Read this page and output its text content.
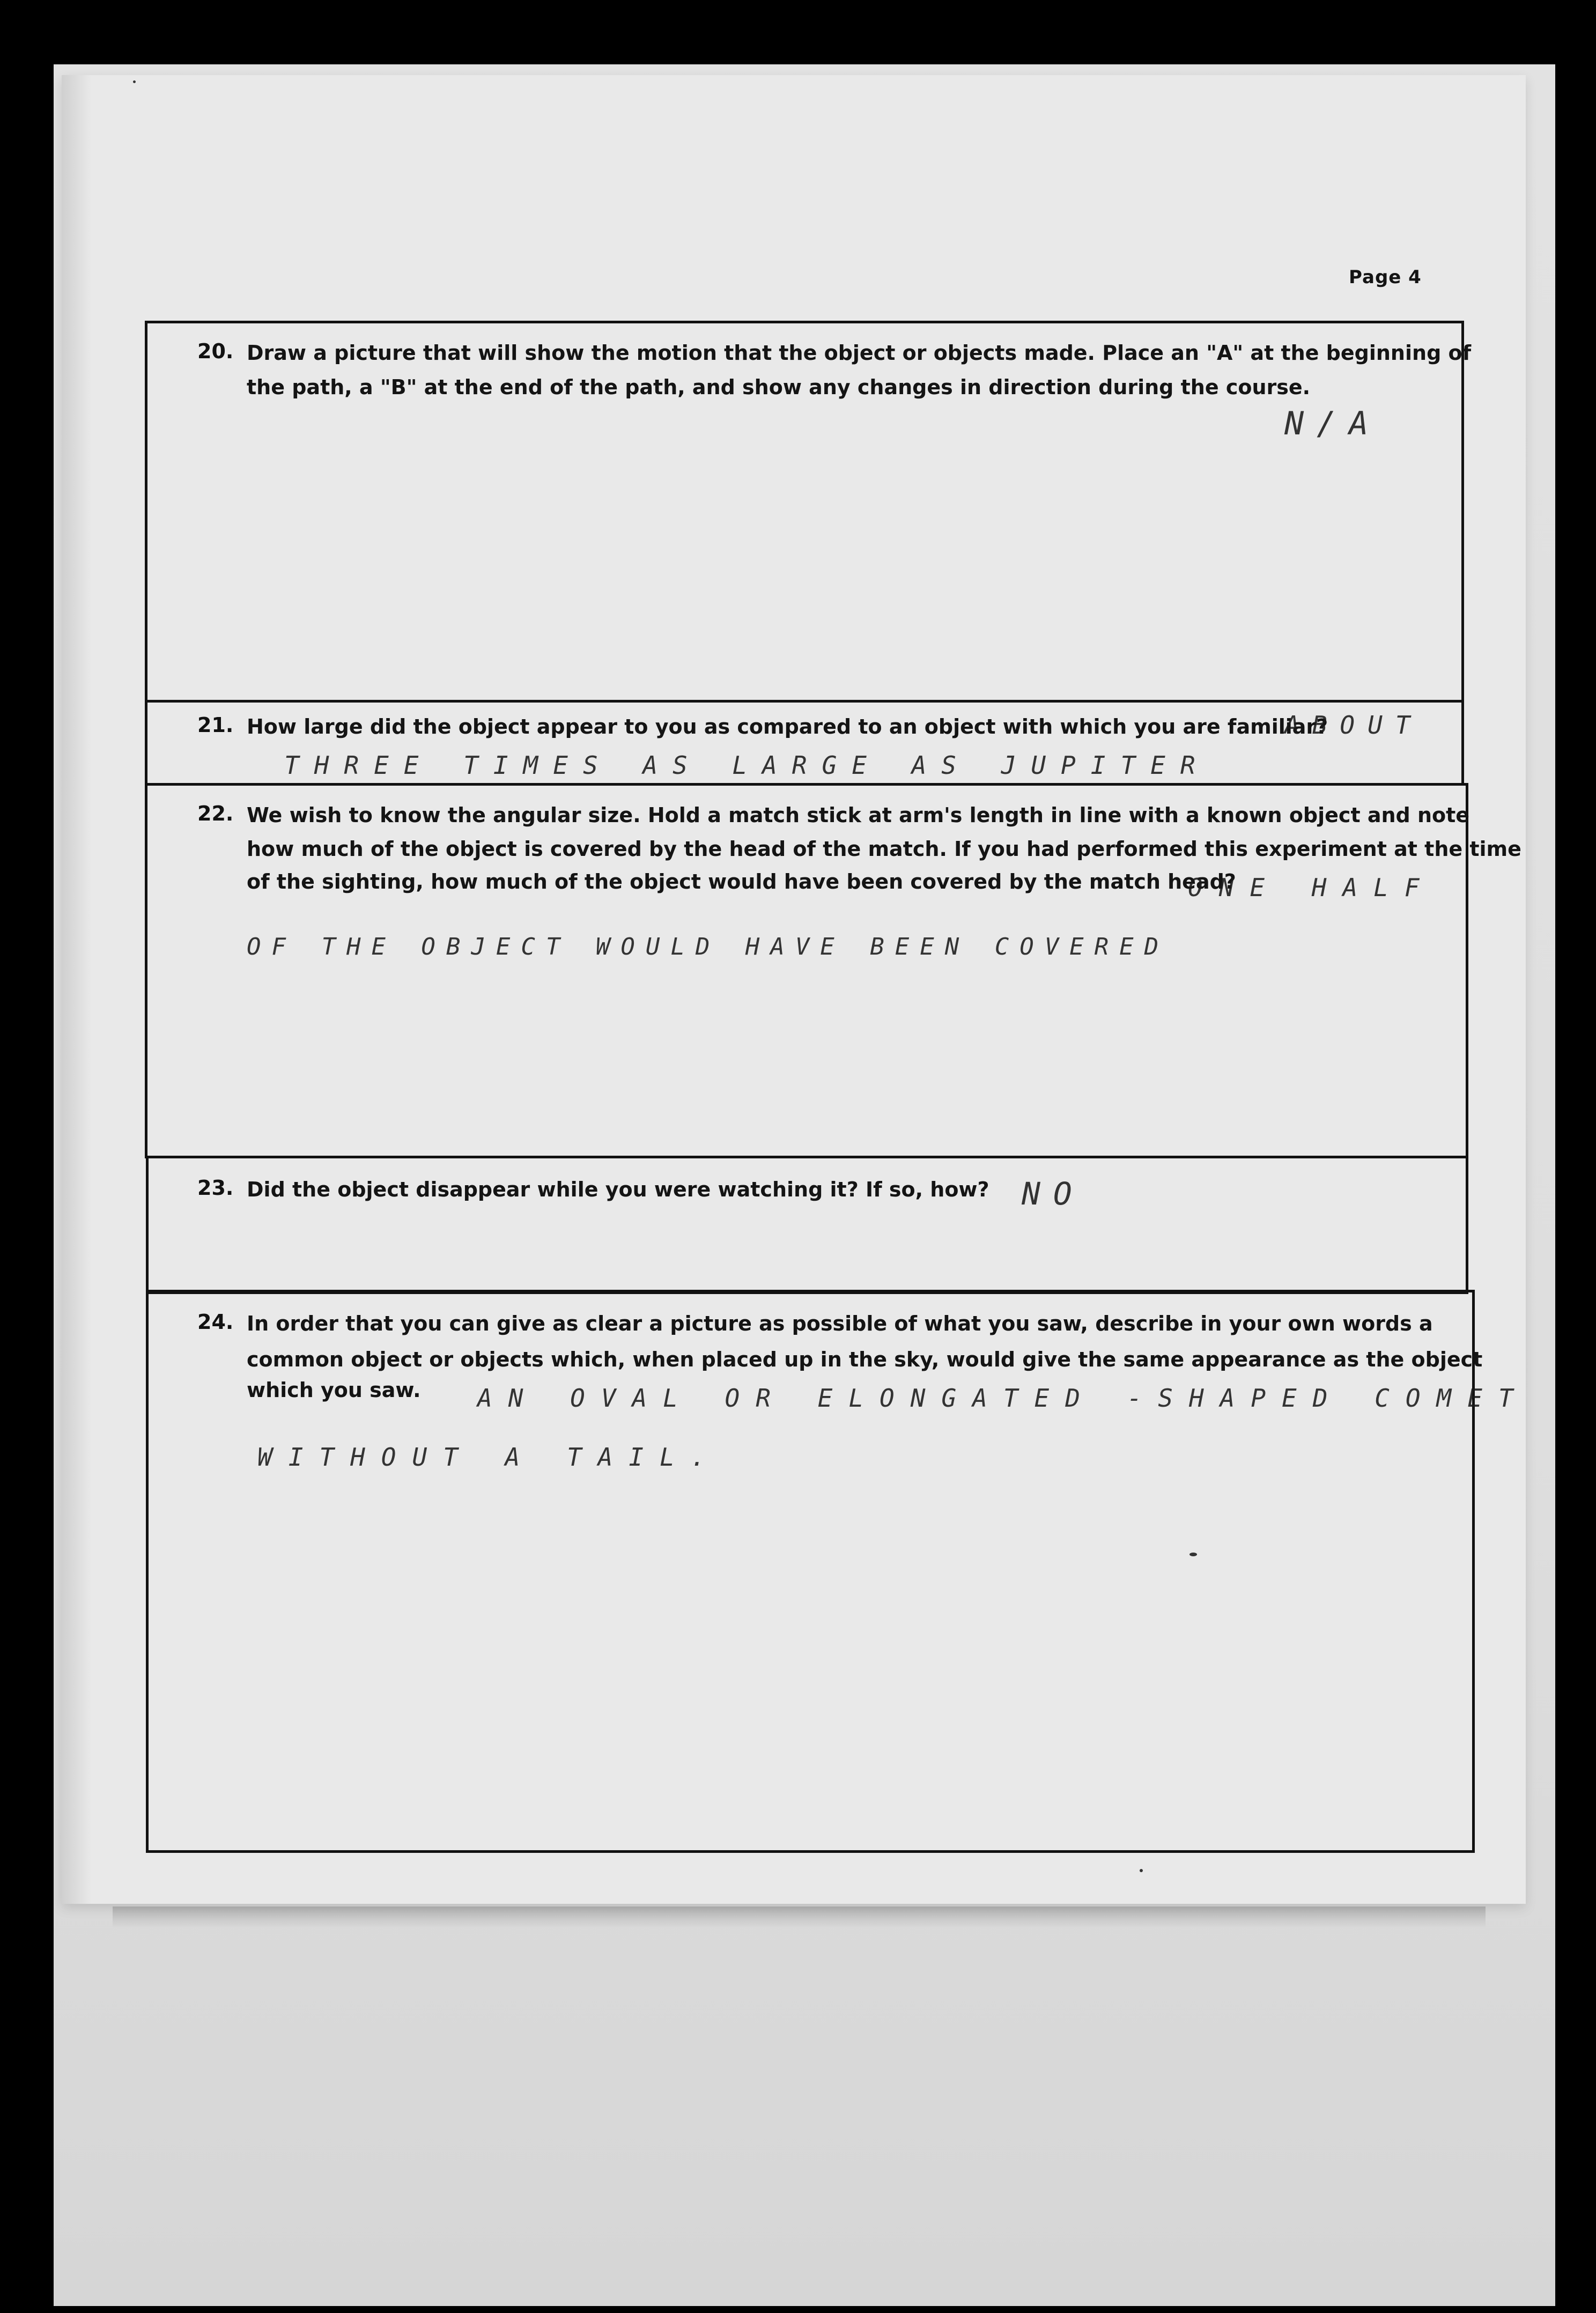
Page 4
20. Draw a picture that will show the motion that the object or objects made. Place an "A" at the beginning of
the path, a "B" at the end of the path, and show any changes in direction during the course.
N/A
21. How large did the object appear to you as compared to an object with which you are familiar?
ABOUT
THREE TIMES AS LARGE AS JUPITER
22. We wish to know the angular size. Hold a match stick at arm's length in line with a known object and note
how much of the object is covered by the head of the match. If you had performed this experiment at the time
of the sighting, how much of the object would have been covered by the match head?
ONE HALF
OF THE OBJECT WOULD HAVE BEEN COVERED
23. Did the object disappear while you were watching it? If so, how? NO
24. In order that you can give as clear a picture as possible of what you saw, describe in your own words a
common object or objects which, when placed up in the sky, would give the same appearance as the object
which you saw. AN OVAL OR ELONGATED -SHAPED COMET
WITHOUT A TAIL.
